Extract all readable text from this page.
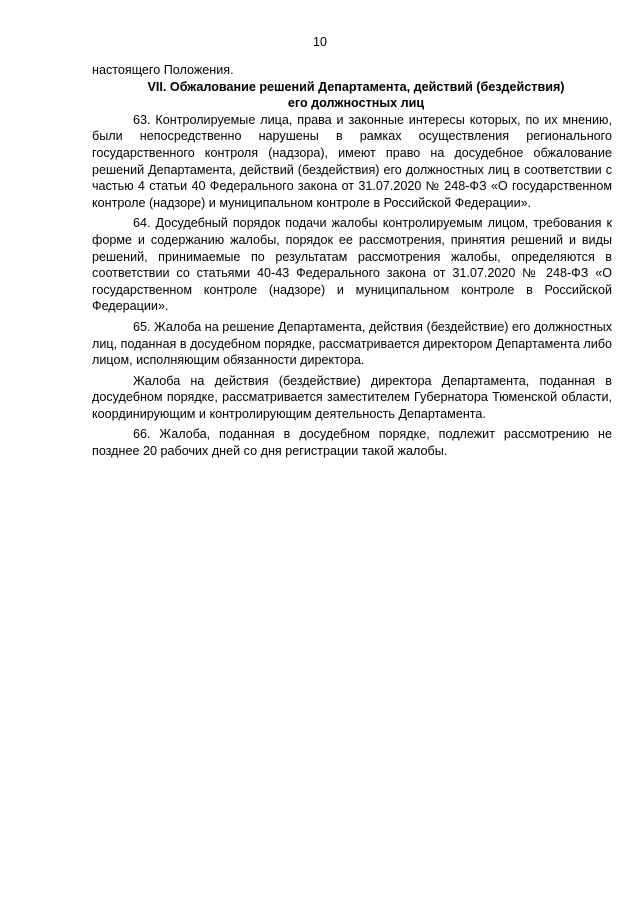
10

настоящего Положения.

VII. Обжалование решений Департамента, действий (бездействия)
его должностных лиц

63. Контролируемые лица, права и законные интересы которых, по их мнению, были непосредственно нарушены в рамках осуществления регионального государственного контроля (надзора), имеют право на досудебное обжалование решений Департамента, действий (бездействия) его должностных лиц в соответствии с частью 4 статьи 40 Федерального закона от 31.07.2020 № 248-ФЗ «О государственном контроле (надзоре) и муниципальном контроле в Российской Федерации».

64. Досудебный порядок подачи жалобы контролируемым лицом, требования к форме и содержанию жалобы, порядок ее рассмотрения, принятия решений и виды решений, принимаемые по результатам рассмотрения жалобы, определяются в соответствии со статьями 40-43 Федерального закона от 31.07.2020 № 248-ФЗ «О государственном контроле (надзоре) и муниципальном контроле в Российской Федерации».

65. Жалоба на решение Департамента, действия (бездействие) его должностных лиц, поданная в досудебном порядке, рассматривается директором Департамента либо лицом, исполняющим обязанности директора.

Жалоба на действия (бездействие) директора Департамента, поданная в досудебном порядке, рассматривается заместителем Губернатора Тюменской области, координирующим и контролирующим деятельность Департамента.

66. Жалоба, поданная в досудебном порядке, подлежит рассмотрению не позднее 20 рабочих дней со дня регистрации такой жалобы.
